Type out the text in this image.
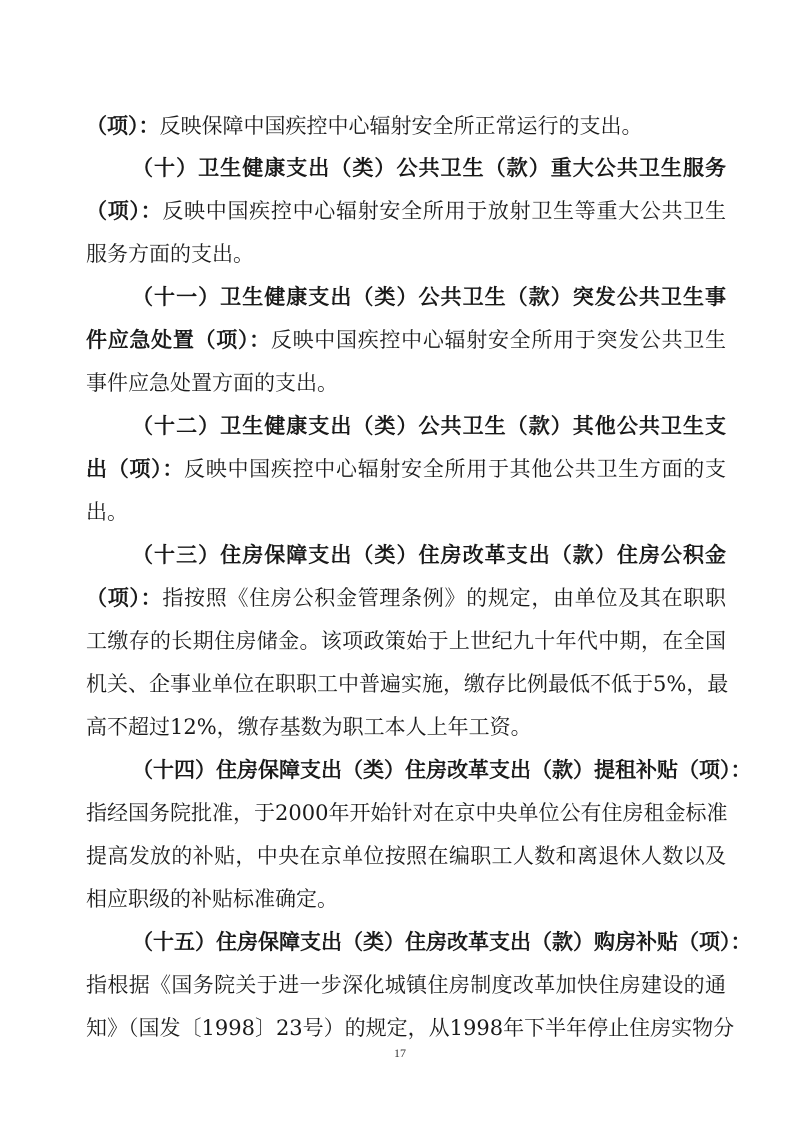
（项）：反映保障中国疾控中心辐射安全所正常运行的支出。
（十）卫生健康支出（类）公共卫生（款）重大公共卫生服务
（项）：反映中国疾控中心辐射安全所用于放射卫生等重大公共卫生
服务方面的支出。
（十一）卫生健康支出（类）公共卫生（款）突发公共卫生事
件应急处置（项）：反映中国疾控中心辐射安全所用于突发公共卫生
事件应急处置方面的支出。
（十二）卫生健康支出（类）公共卫生（款）其他公共卫生支
出（项）：反映中国疾控中心辐射安全所用于其他公共卫生方面的支
出。
（十三）住房保障支出（类）住房改革支出（款）住房公积金
（项）：指按照《住房公积金管理条例》的规定，由单位及其在职职
工缴存的长期住房储金。该项政策始于上世纪九十年代中期，在全国
机关、企事业单位在职职工中普遍实施，缴存比例最低不低于5%，最
高不超过12%，缴存基数为职工本人上年工资。
（十四）住房保障支出（类）住房改革支出（款）提租补贴（项）：
指经国务院批准，于2000年开始针对在京中央单位公有住房租金标准
提高发放的补贴，中央在京单位按照在编职工人数和离退休人数以及
相应职级的补贴标准确定。
（十五）住房保障支出（类）住房改革支出（款）购房补贴（项）：
指根据《国务院关于进一步深化城镇住房制度改革加快住房建设的通
知》（国发〔1998〕23号）的规定，从1998年下半年停止住房实物分
17
